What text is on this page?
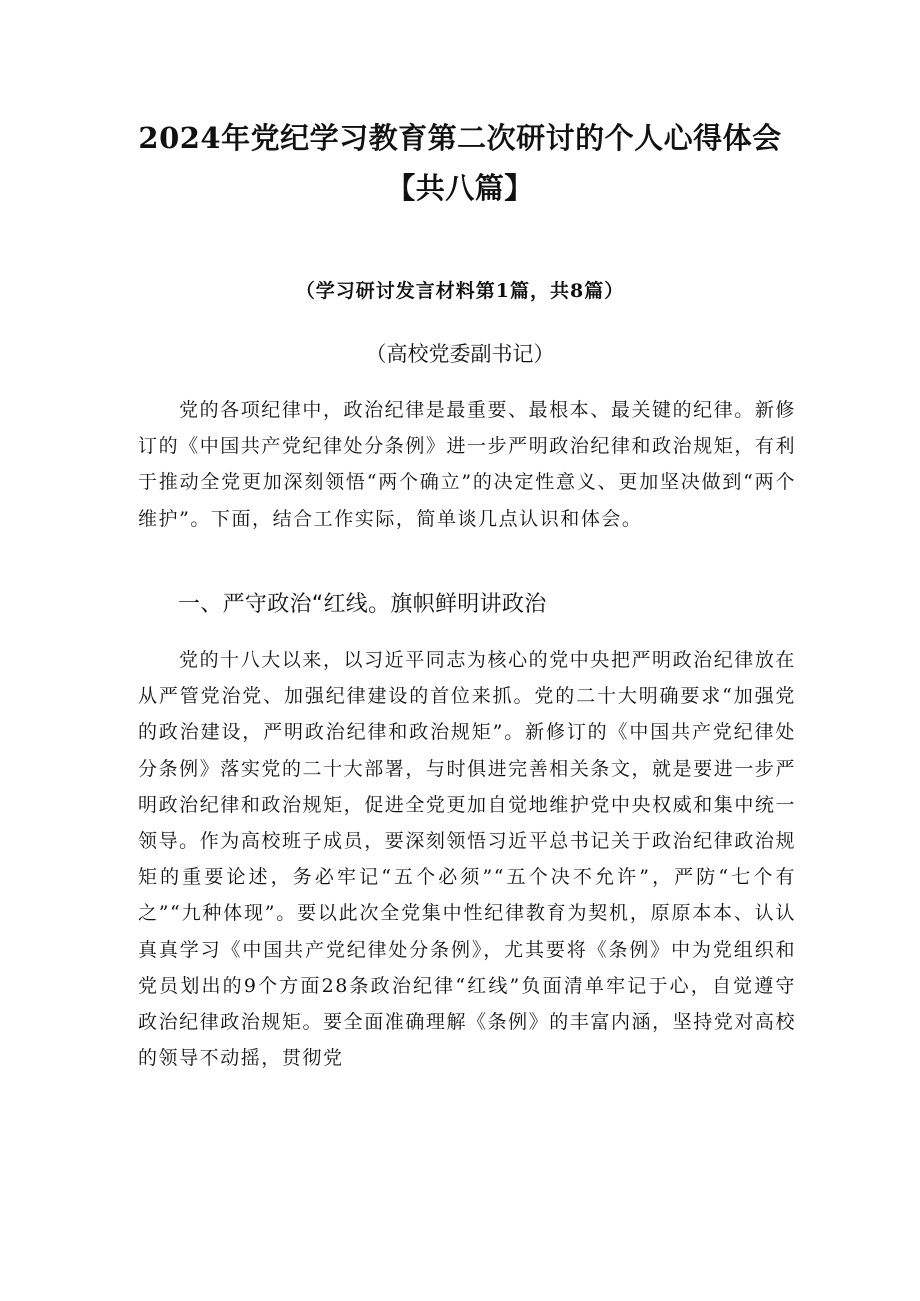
2024年党纪学习教育第二次研讨的个人心得体会
【共八篇】
（学习研讨发言材料第1篇，共8篇）
（高校党委副书记）

党的各项纪律中，政治纪律是最重要、最根本、最关键的纪律。新修订的《中国共产党纪律处分条例》进一步严明政治纪律和政治规矩，有利于推动全党更加深刻领悟“两个确立”的决定性意义、更加坚决做到“两个维护”。下面，结合工作实际，简单谈几点认识和体会。

一、严守政治“红线。旗帜鲜明讲政治

党的十八大以来，以习近平同志为核心的党中央把严明政治纪律放在从严管党治党、加强纪律建设的首位来抓。党的二十大明确要求“加强党的政治建设，严明政治纪律和政治规矩”。新修订的《中国共产党纪律处分条例》落实党的二十大部署，与时俱进完善相关条文，就是要进一步严明政治纪律和政治规矩，促进全党更加自觉地维护党中央权威和集中统一领导。作为高校班子成员，要深刻领悟习近平总书记关于政治纪律政治规矩的重要论述，务必牢记“五个必须”“五个决不允许”，严防“七个有之”“九种体现”。要以此次全党集中性纪律教育为契机，原原本本、认认真真学习《中国共产党纪律处分条例》，尤其要将《条例》中为党组织和党员划出的9个方面28条政治纪律“红线”负面清单牢记于心，自觉遵守政治纪律政治规矩。要全面准确理解《条例》的丰富内涵，坚持党对高校的领导不动摇，贯彻党
